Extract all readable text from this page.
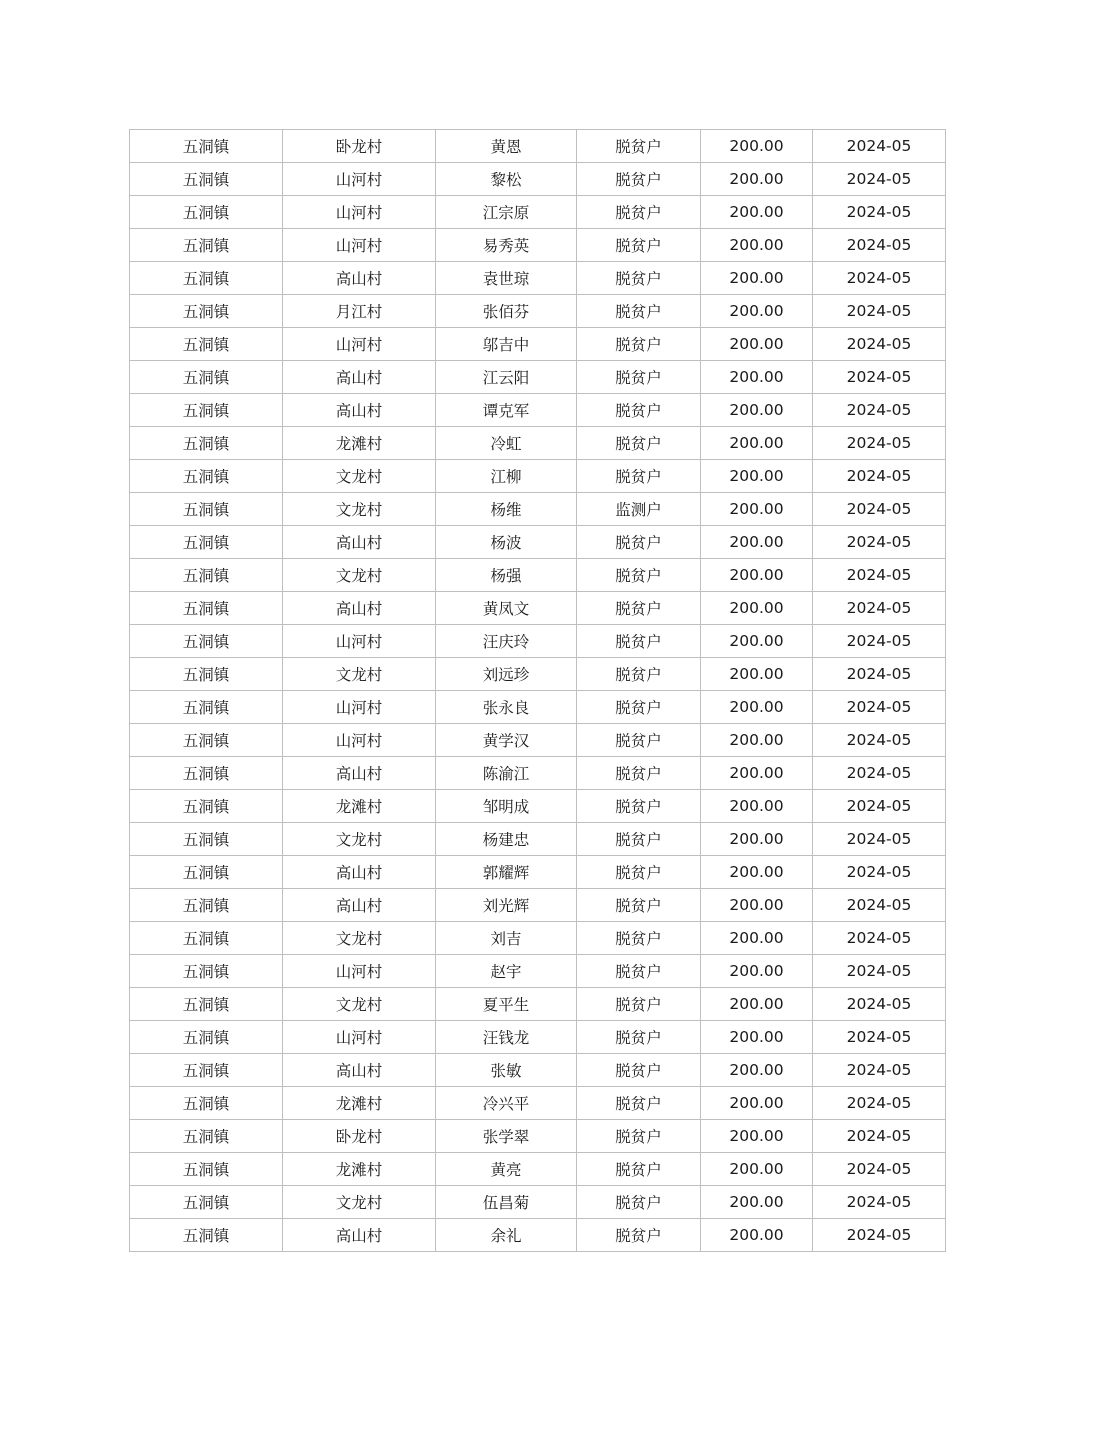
五洞镇	卧龙村	黄恩	脱贫户	200.00	2024-05
五洞镇	山河村	黎松	脱贫户	200.00	2024-05
五洞镇	山河村	江宗原	脱贫户	200.00	2024-05
五洞镇	山河村	易秀英	脱贫户	200.00	2024-05
五洞镇	高山村	袁世琼	脱贫户	200.00	2024-05
五洞镇	月江村	张佰芬	脱贫户	200.00	2024-05
五洞镇	山河村	邬吉中	脱贫户	200.00	2024-05
五洞镇	高山村	江云阳	脱贫户	200.00	2024-05
五洞镇	高山村	谭克军	脱贫户	200.00	2024-05
五洞镇	龙滩村	冷虹	脱贫户	200.00	2024-05
五洞镇	文龙村	江柳	脱贫户	200.00	2024-05
五洞镇	文龙村	杨维	监测户	200.00	2024-05
五洞镇	高山村	杨波	脱贫户	200.00	2024-05
五洞镇	文龙村	杨强	脱贫户	200.00	2024-05
五洞镇	高山村	黄凤文	脱贫户	200.00	2024-05
五洞镇	山河村	汪庆玲	脱贫户	200.00	2024-05
五洞镇	文龙村	刘远珍	脱贫户	200.00	2024-05
五洞镇	山河村	张永良	脱贫户	200.00	2024-05
五洞镇	山河村	黄学汉	脱贫户	200.00	2024-05
五洞镇	高山村	陈渝江	脱贫户	200.00	2024-05
五洞镇	龙滩村	邹明成	脱贫户	200.00	2024-05
五洞镇	文龙村	杨建忠	脱贫户	200.00	2024-05
五洞镇	高山村	郭耀辉	脱贫户	200.00	2024-05
五洞镇	高山村	刘光辉	脱贫户	200.00	2024-05
五洞镇	文龙村	刘吉	脱贫户	200.00	2024-05
五洞镇	山河村	赵宇	脱贫户	200.00	2024-05
五洞镇	文龙村	夏平生	脱贫户	200.00	2024-05
五洞镇	山河村	汪钱龙	脱贫户	200.00	2024-05
五洞镇	高山村	张敏	脱贫户	200.00	2024-05
五洞镇	龙滩村	冷兴平	脱贫户	200.00	2024-05
五洞镇	卧龙村	张学翠	脱贫户	200.00	2024-05
五洞镇	龙滩村	黄亮	脱贫户	200.00	2024-05
五洞镇	文龙村	伍昌菊	脱贫户	200.00	2024-05
五洞镇	高山村	余礼	脱贫户	200.00	2024-05
